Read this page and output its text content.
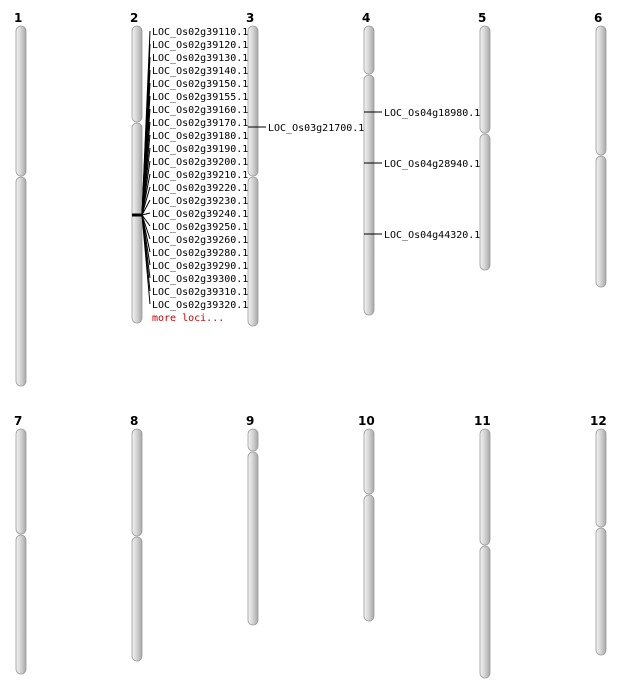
1	2	3	4	5	6
7	8	9	10	11	12
LOC_Os02g39110.1
LOC_Os02g39120.1
LOC_Os02g39130.1
LOC_Os02g39140.1
LOC_Os02g39150.1
LOC_Os02g39155.1
LOC_Os02g39160.1
LOC_Os02g39170.1
LOC_Os02g39180.1
LOC_Os02g39190.1
LOC_Os02g39200.1
LOC_Os02g39210.1
LOC_Os02g39220.1
LOC_Os02g39230.1
LOC_Os02g39240.1
LOC_Os02g39250.1
LOC_Os02g39260.1
LOC_Os02g39280.1
LOC_Os02g39290.1
LOC_Os02g39300.1
LOC_Os02g39310.1
LOC_Os02g39320.1
more loci...
LOC_Os03g21700.1
LOC_Os04g18980.1
LOC_Os04g28940.1
LOC_Os04g44320.1
